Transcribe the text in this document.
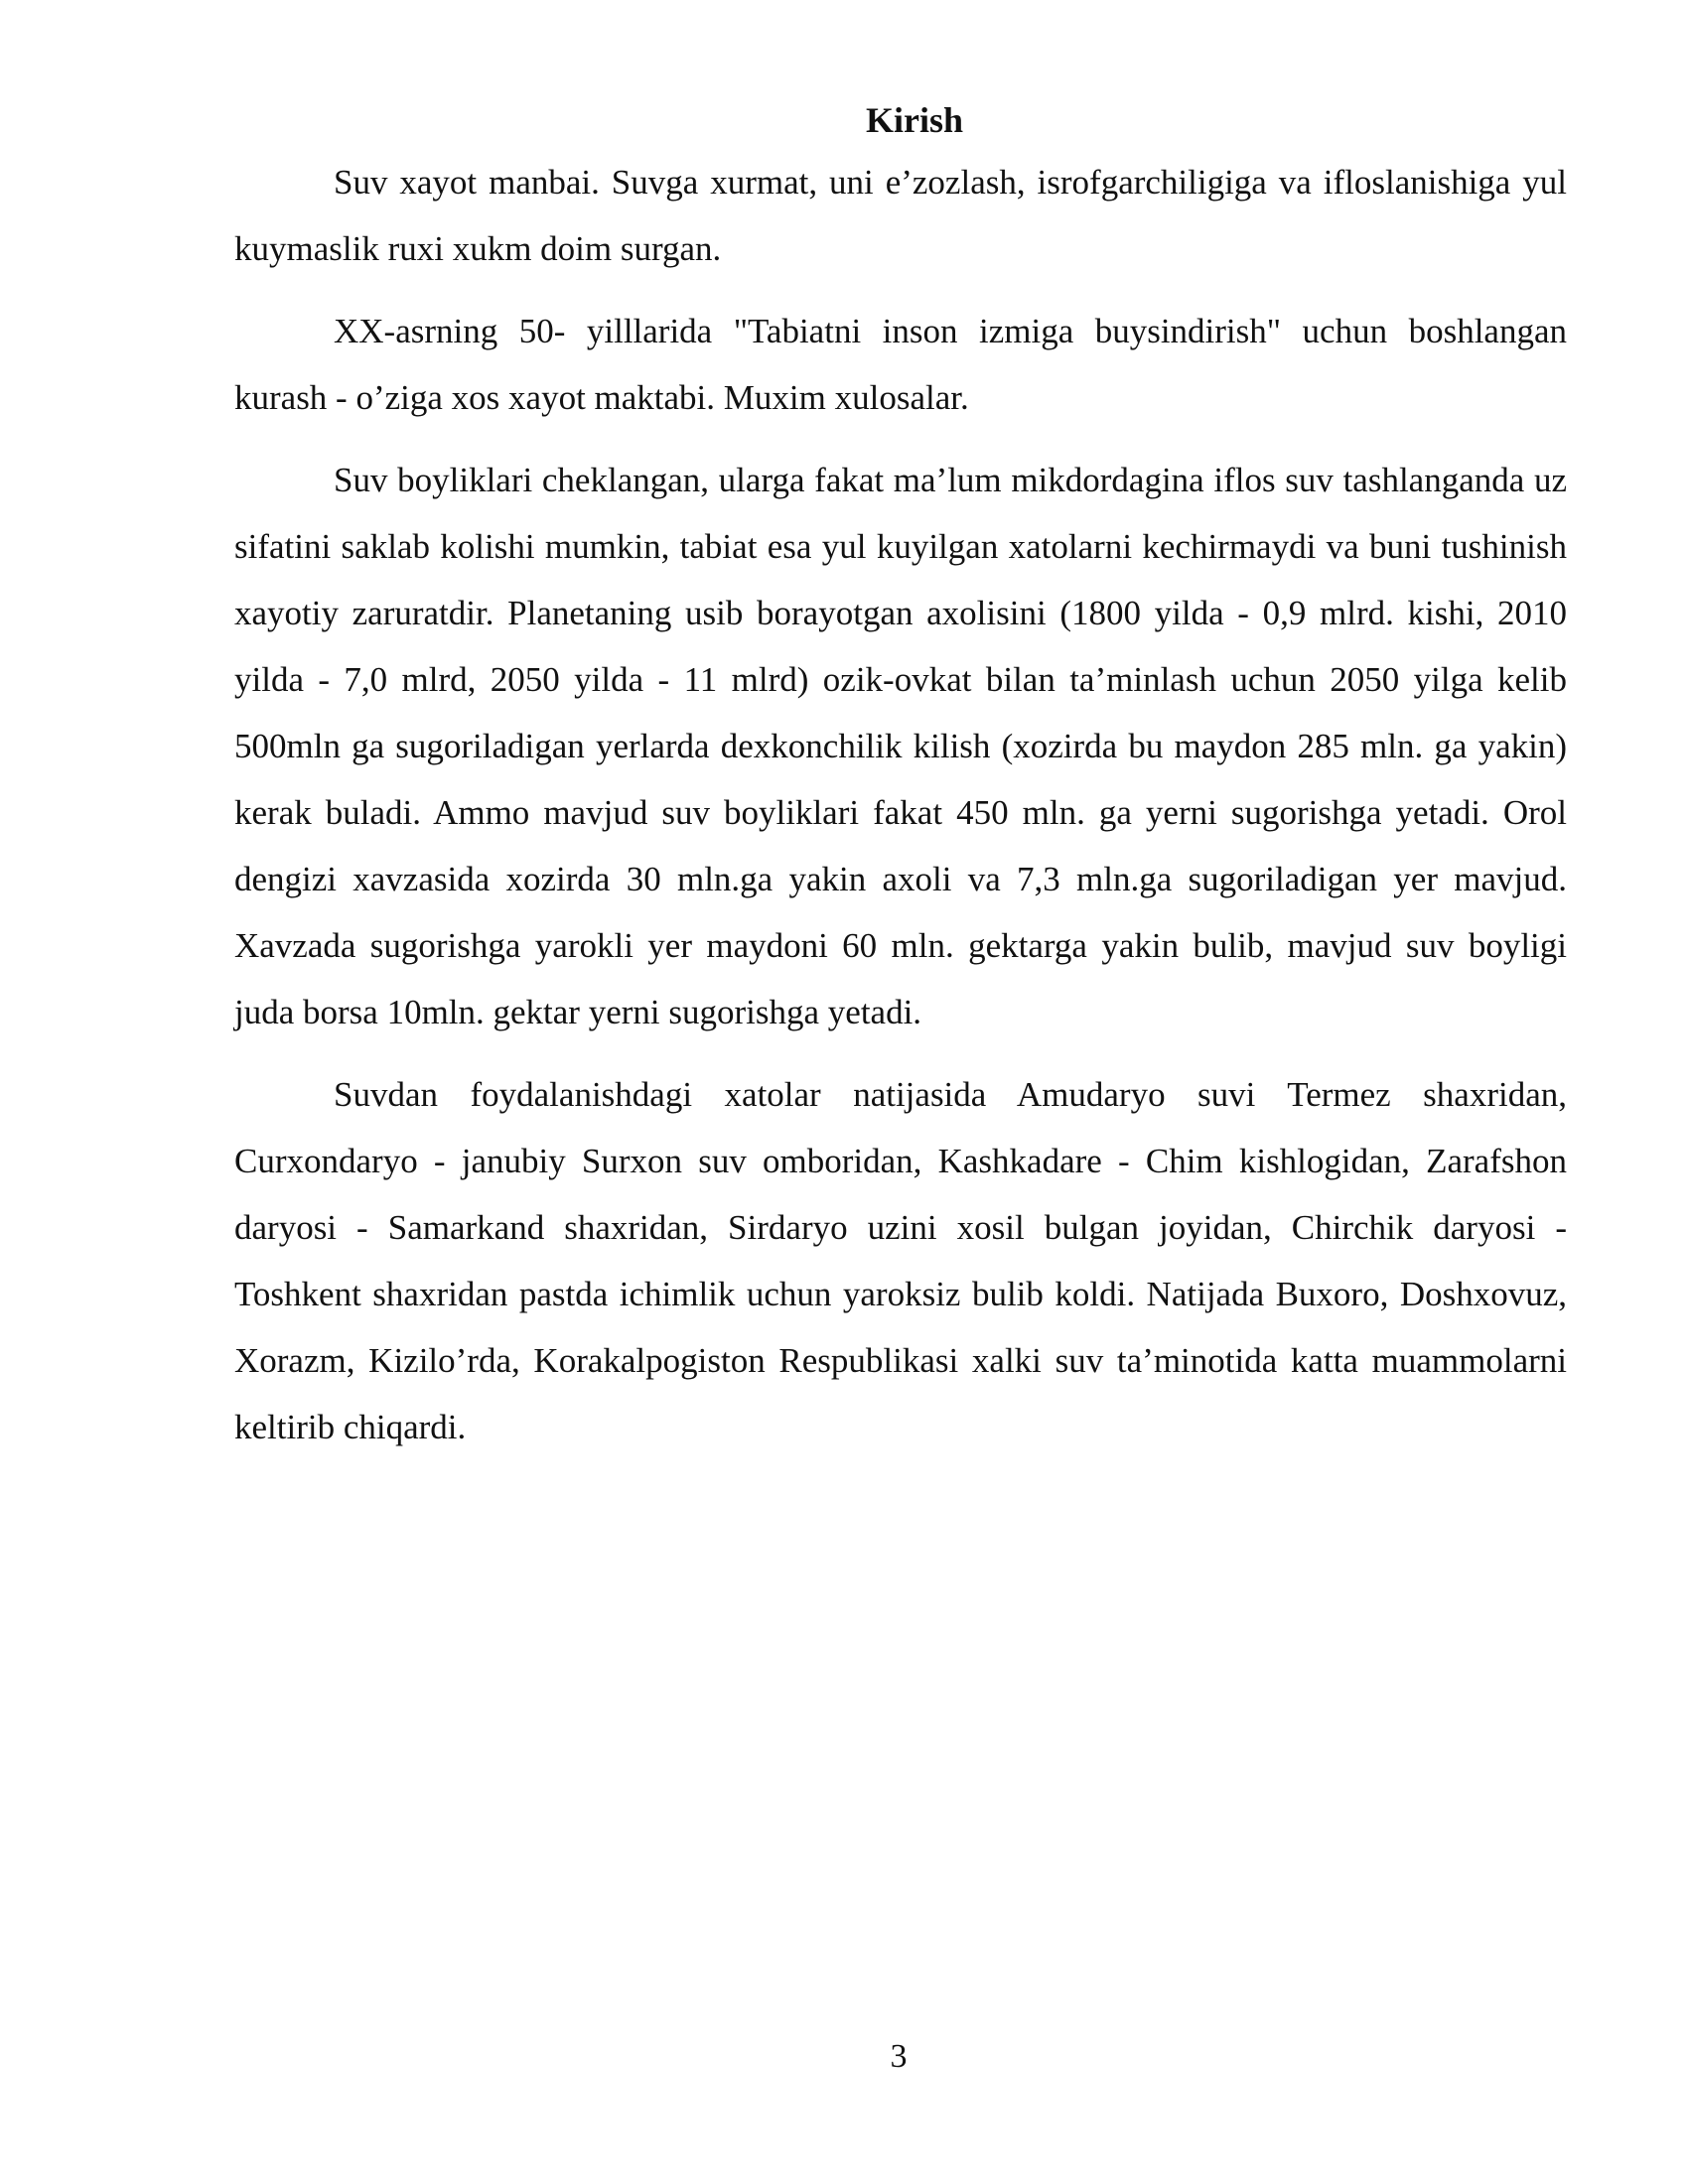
Kirish

Suv xayot manbai. Suvga xurmat, uni e’zozlash, isrofgarchiligiga va ifloslanishiga yul kuymaslik ruxi xukm doim surgan.

XX-asrning 50- yilllarida "Tabiatni inson izmiga buysindirish" uchun boshlangan kurash - o’ziga xos xayot maktabi. Muxim xulosalar.

Suv boyliklari cheklangan, ularga fakat ma’lum mikdordagina iflos suv tashlanganda uz sifatini saklab kolishi mumkin, tabiat esa yul kuyilgan xatolarni kechirmaydi va buni tushinish xayotiy zaruratdir. Planetaning usib borayotgan axolisini (1800 yilda - 0,9 mlrd. kishi, 2010 yilda - 7,0 mlrd, 2050 yilda - 11 mlrd) ozik-ovkat bilan ta’minlash uchun 2050 yilga kelib 500mln ga sugoriladigan yerlarda dexkonchilik kilish (xozirda bu maydon 285 mln. ga yakin) kerak buladi. Ammo mavjud suv boyliklari fakat 450 mln. ga yerni sugorishga yetadi. Orol dengizi xavzasida xozirda 30 mln.ga yakin axoli va 7,3 mln.ga sugoriladigan yer mavjud. Xavzada sugorishga yarokli yer maydoni 60 mln. gektarga yakin bulib, mavjud suv boyligi juda borsa 10mln. gektar yerni sugorishga yetadi.

Suvdan foydalanishdagi xatolar natijasida Amudaryo suvi Termez shaxridan, Curxondaryo - janubiy Surxon suv omboridan, Kashkadare - Chim kishlogidan, Zarafshon daryosi - Samarkand shaxridan, Sirdaryo uzini xosil bulgan joyidan, Chirchik daryosi - Toshkent shaxridan pastda ichimlik uchun yaroksiz bulib koldi. Natijada Buxoro, Doshxovuz, Xorazm, Kizilo’rda, Korakalpogiston Respublikasi xalki suv ta’minotida katta muammolarni keltirib chiqardi.

3
